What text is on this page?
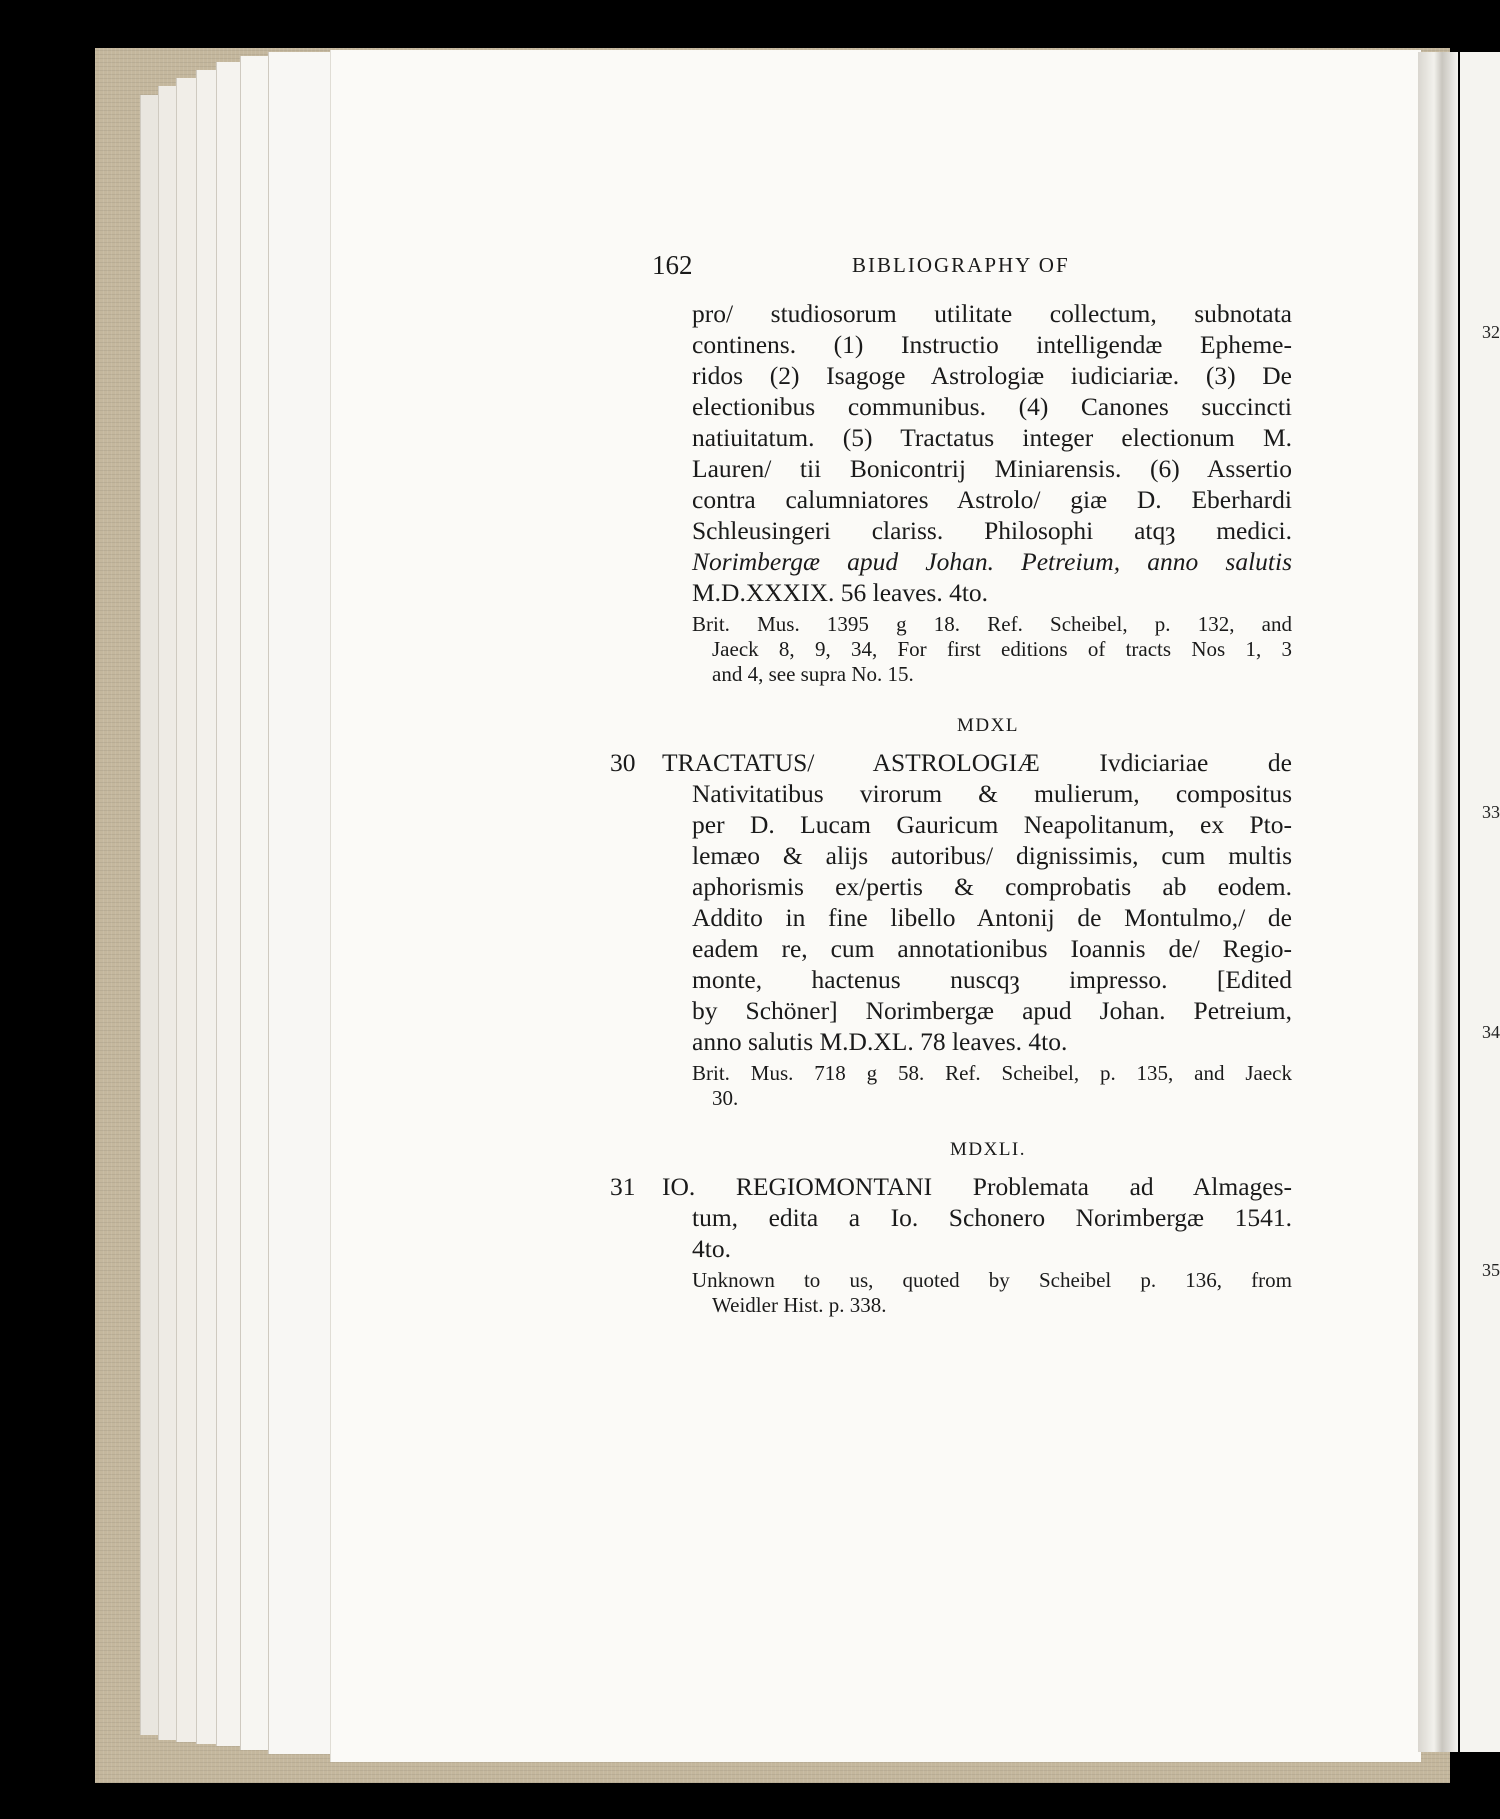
32
33
34
35
162	BIBLIOGRAPHY OF
pro/ studiosorum utilitate collectum, subnotata
continens. (1) Instructio intelligendæ Epheme-
ridos (2) Isagoge Astrologiæ iudiciariæ. (3) De
electionibus communibus. (4) Canones succincti
natiuitatum. (5) Tractatus integer electionum M.
Lauren/ tii Bonicontrij Miniarensis. (6) Assertio
contra calumniatores Astrolo/ giæ D. Eberhardi
Schleusingeri clariss. Philosophi atqȝ medici.
Norimbergæ apud Johan. Petreium, anno salutis
M.D.XXXIX. 56 leaves. 4to.
Brit. Mus. 1395 g 18. Ref. Scheibel, p. 132, and
Jaeck 8, 9, 34, For first editions of tracts Nos 1, 3
and 4, see supra No. 15.
MDXL
30 TRACTATUS/ ASTROLOGIÆ Ivdiciariae de
Nativitatibus virorum & mulierum, compositus
per D. Lucam Gauricum Neapolitanum, ex Pto-
lemæo & alijs autoribus/ dignissimis, cum multis
aphorismis ex/pertis & comprobatis ab eodem.
Addito in fine libello Antonij de Montulmo,/ de
eadem re, cum annotationibus Ioannis de/ Regio-
monte, hactenus nuscqȝ impresso. [Edited
by Schöner] Norimbergæ apud Johan. Petreium,
anno salutis M.D.XL. 78 leaves. 4to.
Brit. Mus. 718 g 58. Ref. Scheibel, p. 135, and Jaeck
30.
MDXLI.
31 IO. REGIOMONTANI Problemata ad Almages-
tum, edita a Io. Schonero Norimbergæ 1541.
4to.
Unknown to us, quoted by Scheibel p. 136, from
Weidler Hist. p. 338.
